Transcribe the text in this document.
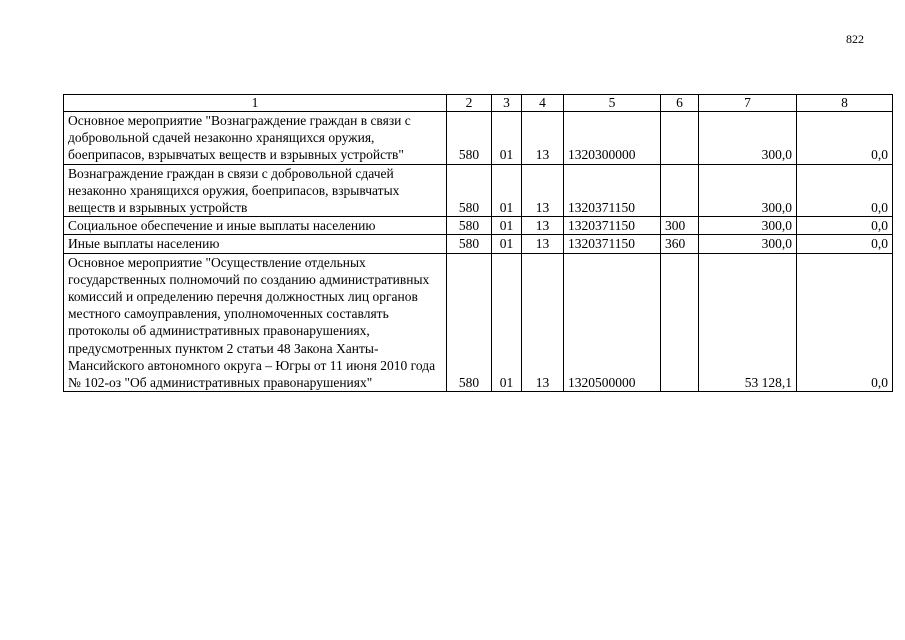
822
1	2	3	4	5	6	7	8
Основное мероприятие "Вознаграждение граждан в связи с добровольной сдачей незаконно хранящихся оружия, боеприпасов, взрывчатых веществ и взрывных устройств"	580	01	13	1320300000		300,0	0,0
Вознаграждение граждан в связи с добровольной сдачей незаконно хранящихся оружия, боеприпасов, взрывчатых веществ и взрывных устройств	580	01	13	1320371150		300,0	0,0
Социальное обеспечение и иные выплаты населению	580	01	13	1320371150	300	300,0	0,0
Иные выплаты населению	580	01	13	1320371150	360	300,0	0,0
Основное мероприятие "Осуществление отдельных государственных полномочий по созданию административных комиссий и определению перечня должностных лиц органов местного самоуправления, уполномоченных составлять протоколы об административных правонарушениях, предусмотренных пунктом 2 статьи 48 Закона Ханты-Мансийского автономного округа – Югры от 11 июня 2010 года № 102-оз "Об административных правонарушениях"	580	01	13	1320500000		53 128,1	0,0
